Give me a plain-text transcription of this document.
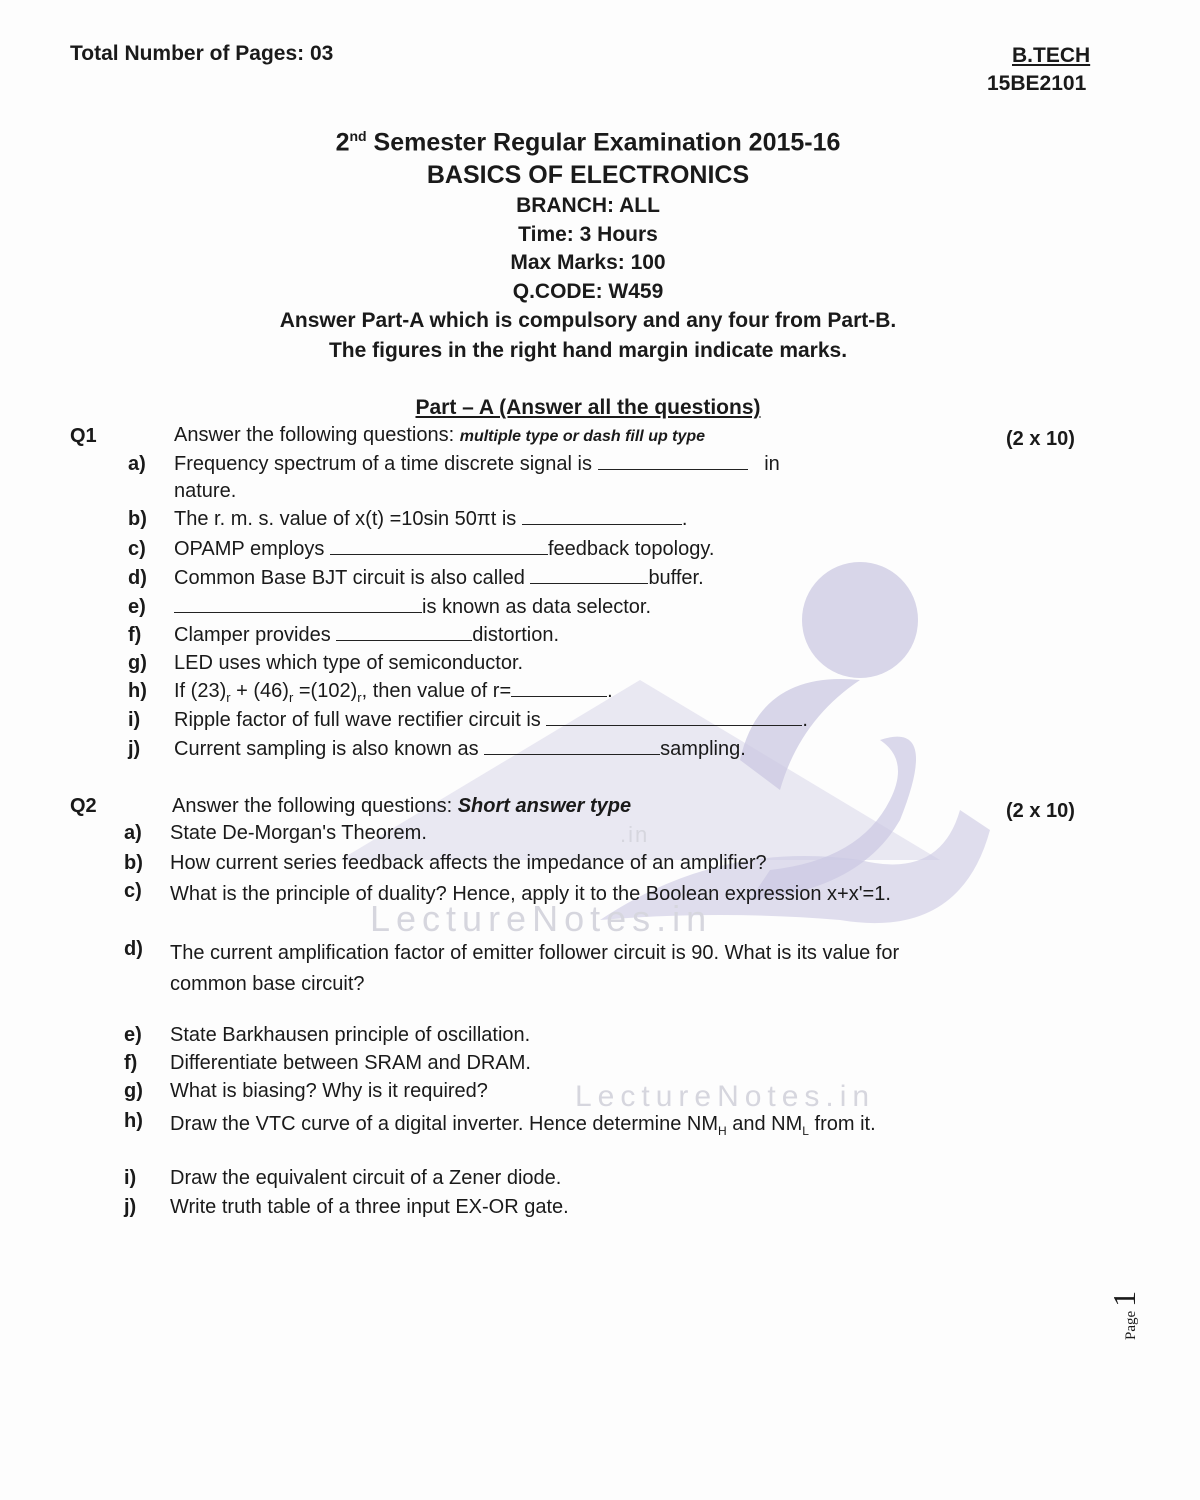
LectureNotes.in
LectureNotes.in
.in
Total Number of Pages: 03	B.TECH
15BE2101
2nd Semester Regular Examination 2015-16
BASICS OF ELECTRONICS
BRANCH: ALL
Time: 3 Hours
Max Marks: 100
Q.CODE: W459
Answer Part-A which is compulsory and any four from Part-B.
The figures in the right hand margin indicate marks.
Part – A (Answer all the questions)
Q1	Answer the following questions: multiple type or dash fill up type	(2 x 10)
a)	Frequency spectrum of a time discrete signal is	in
nature.
b) The r. m. s. value of x(t) =10sin 50πt is	.
c)	OPAMP employs	feedback topology.
d) Common Base BJT circuit is also called	buffer.
e)	is known as data selector.
f)	Clamper provides	distortion.
g) LED uses which type of semiconductor.
h) If $(23)_r + (46)_r =(102)_r$, then value of r=	.
i)	Ripple factor of full wave rectifier circuit is	.
j)	Current sampling is also known as	sampling.
Q2	Answer the following questions: Short answer type	(2 x 10)
a)	State De-Morgan's Theorem.
b) How current series feedback affects the impedance of an amplifier?
c)	What is the principle of duality? Hence, apply it to the Boolean expression x+x'=1.
d) The current amplification factor of emitter follower circuit is 90. What is its value for common base circuit?
e)	State Barkhausen principle of oscillation.
f)	Differentiate between SRAM and DRAM.
g) What is biasing? Why is it required?
h) Draw the VTC curve of a digital inverter. Hence determine $NM_H$ and $NM_L$ from it.
i)	Draw the equivalent circuit of a Zener diode.
j)	Write truth table of a three input EX-OR gate.
Page 1
